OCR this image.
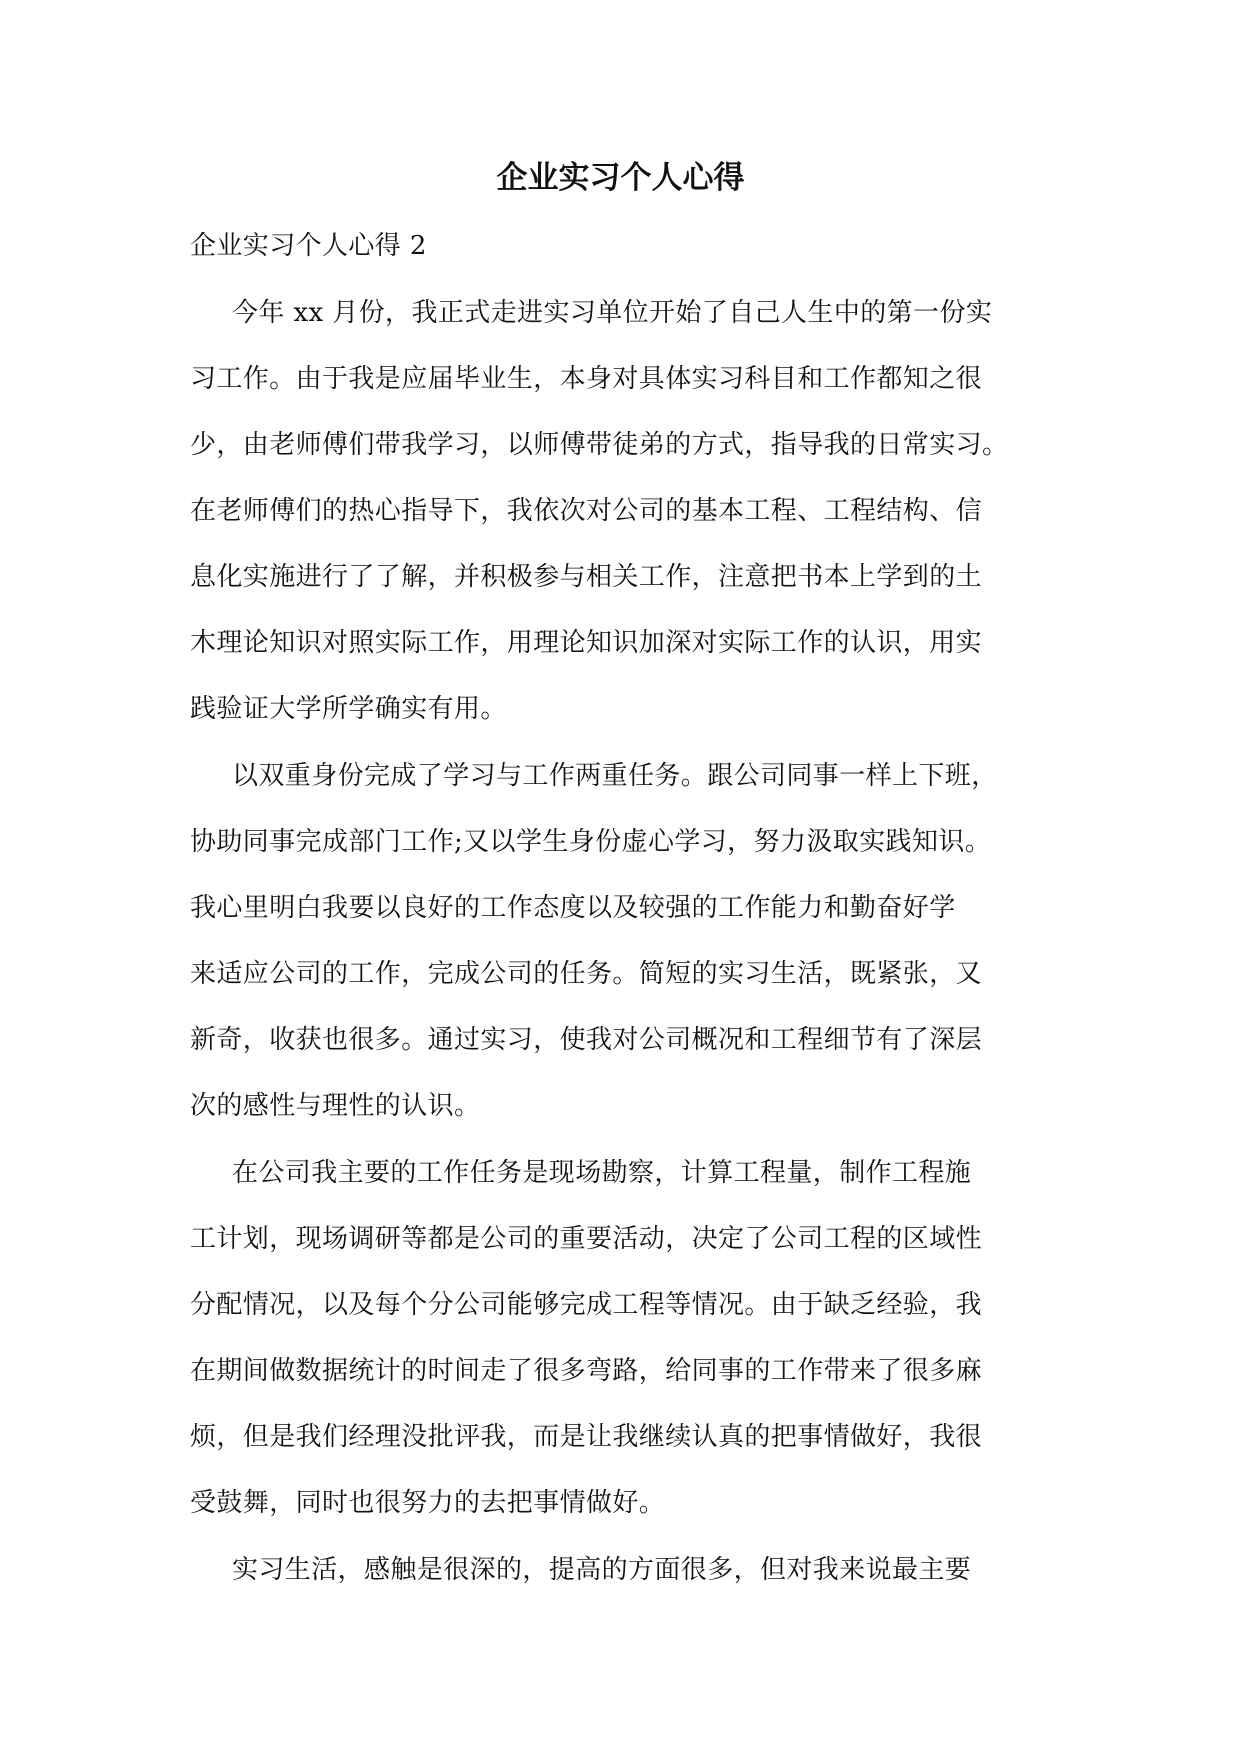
企业实习个人心得
企业实习个人心得 2
今年 xx 月份，我正式走进实习单位开始了自己人生中的第一份实
习工作。由于我是应届毕业生，本身对具体实习科目和工作都知之很
少，由老师傅们带我学习，以师傅带徒弟的方式，指导我的日常实习。
在老师傅们的热心指导下，我依次对公司的基本工程、工程结构、信
息化实施进行了了解，并积极参与相关工作，注意把书本上学到的土
木理论知识对照实际工作，用理论知识加深对实际工作的认识，用实
践验证大学所学确实有用。
以双重身份完成了学习与工作两重任务。跟公司同事一样上下班，
协助同事完成部门工作;又以学生身份虚心学习，努力汲取实践知识。
我心里明白我要以良好的工作态度以及较强的工作能力和勤奋好学
来适应公司的工作，完成公司的任务。简短的实习生活，既紧张，又
新奇，收获也很多。通过实习，使我对公司概况和工程细节有了深层
次的感性与理性的认识。
在公司我主要的工作任务是现场勘察，计算工程量，制作工程施
工计划，现场调研等都是公司的重要活动，决定了公司工程的区域性
分配情况，以及每个分公司能够完成工程等情况。由于缺乏经验，我
在期间做数据统计的时间走了很多弯路，给同事的工作带来了很多麻
烦，但是我们经理没批评我，而是让我继续认真的把事情做好，我很
受鼓舞，同时也很努力的去把事情做好。
实习生活，感触是很深的，提高的方面很多，但对我来说最主要
